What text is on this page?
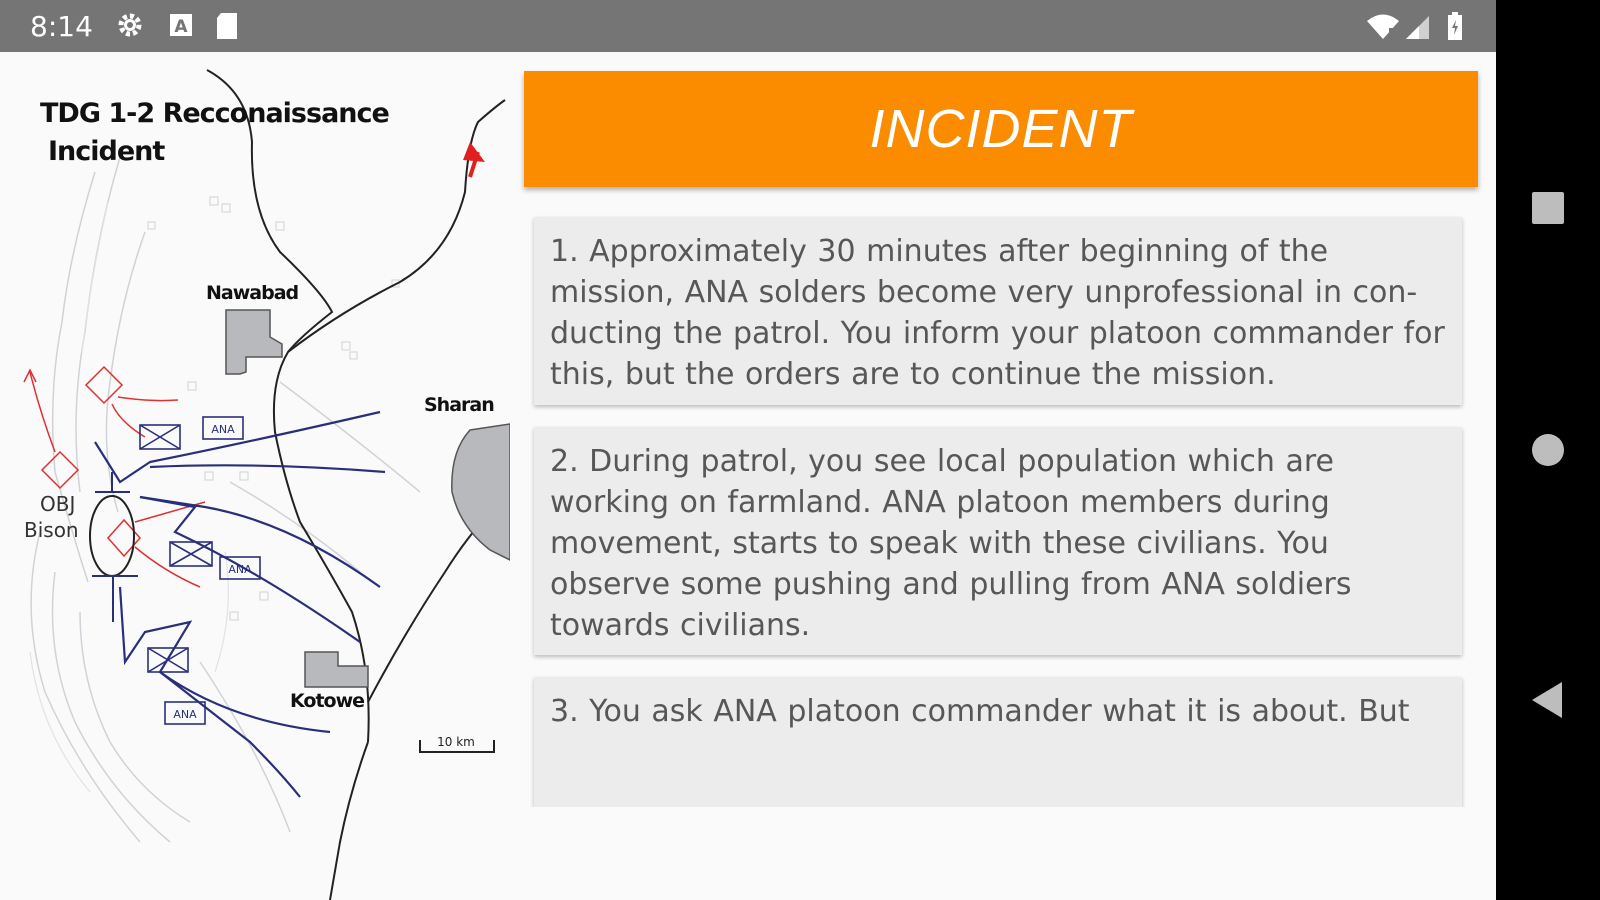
8:14	A
ANA
ANA
ANA
10 km
TDG 1-2 Recconaissance
Incident
Nawabad
Sharan
Kotowe
OBJ
Bison
INCIDENT
1. Approximately 30 minutes after beginning of the mission, ANA solders become very unprofessional in con-ducting the patrol. You inform your platoon commander for this, but the orders are to continue the mission.
2. During patrol, you see local population which are working on farmland. ANA platoon members during movement, starts to speak with these civilians. You observe some pushing and pulling from ANA soldiers towards civilians.
3. You ask ANA platoon commander what it is about. But
